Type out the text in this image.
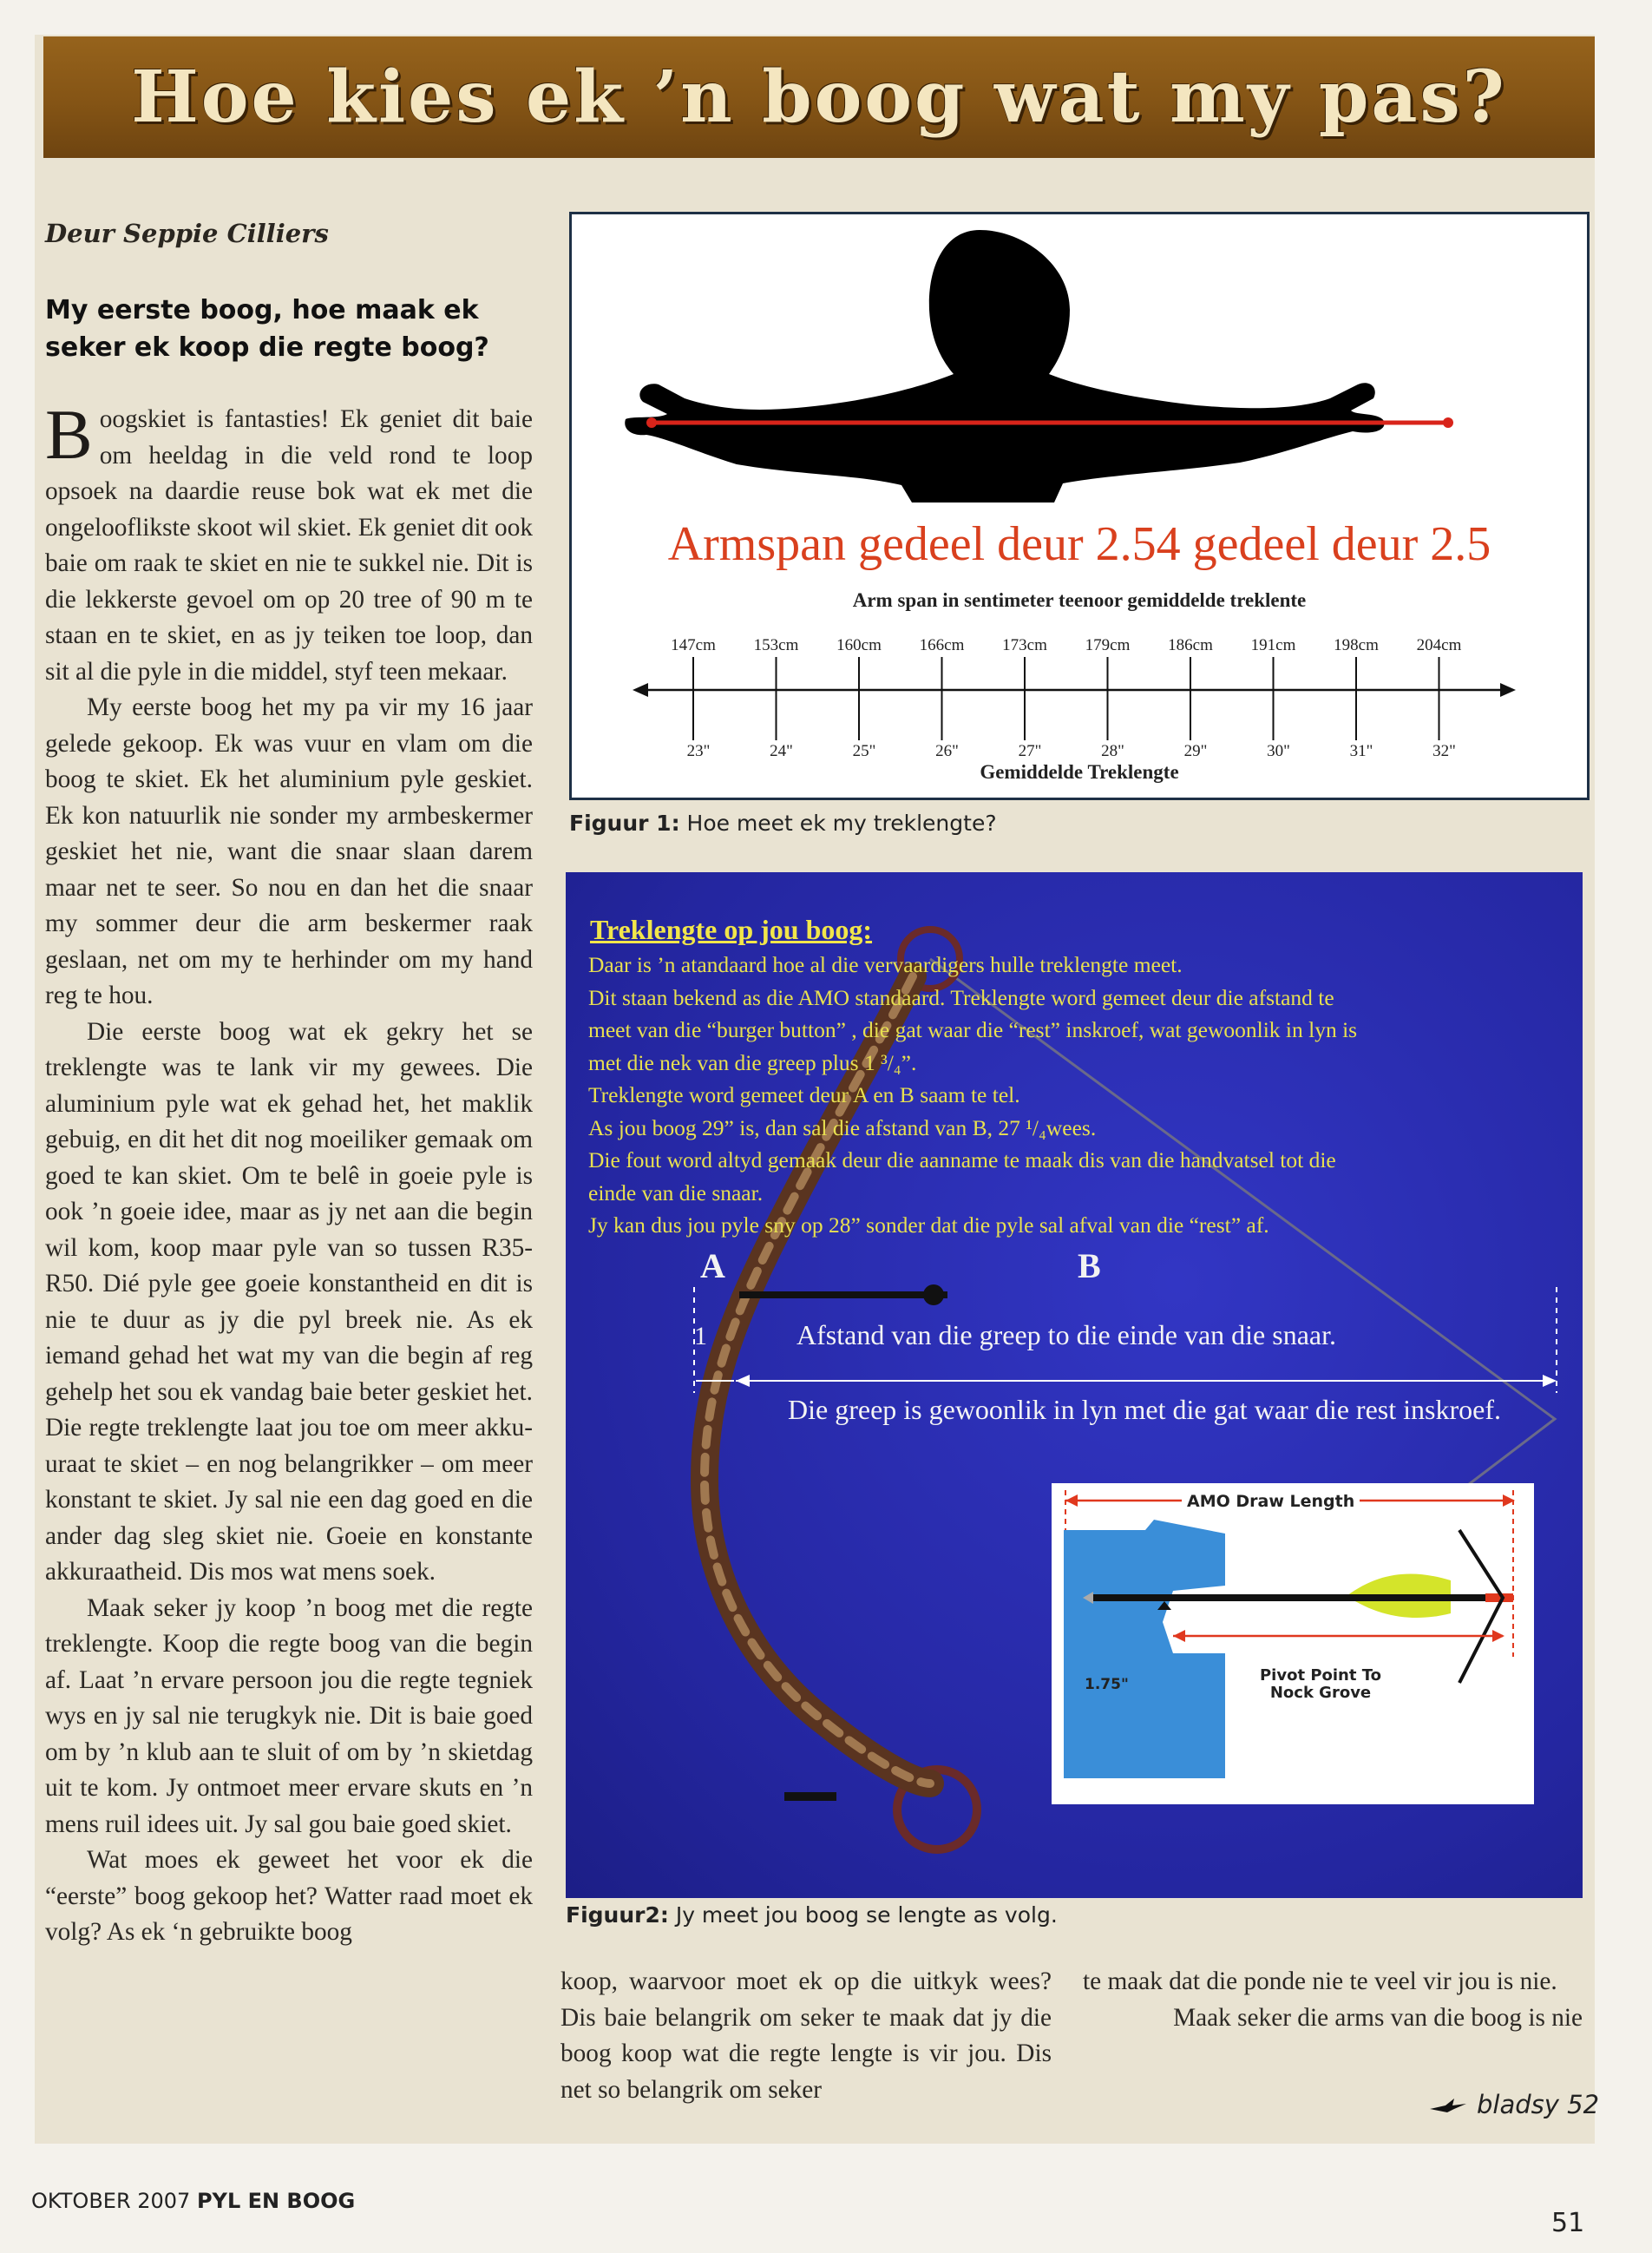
Hoe kies ek ’n boog wat my pas?
Deur Seppie Cilliers
My eerste boog, hoe maak ek seker ek koop die regte boog?

Boogskiet is fantasties! Ek geniet dit baie om heeldag in die veld rond te loop opsoek na daardie reuse bok wat ek met die ongelooflikste skoot wil skiet. Ek geniet dit ook baie om raak te skiet en nie te sukkel nie. Dit is die lekkerste gevoel om op 20 tree of 90 m te staan en te skiet, en as jy teiken toe loop, dan sit al die pyle in die middel, styf teen mekaar.

My eerste boog het my pa vir my 16 jaar gelede gekoop. Ek was vuur en vlam om die boog te skiet. Ek het aluminium pyle geskiet. Ek kon natuurlik nie sonder my armbeskermer geskiet het nie, want die snaar slaan darem maar net te seer. So nou en dan het die snaar my sommer deur die arm beskermer raak geslaan, net om my te herhinder om my hand reg te hou.

Die eerste boog wat ek gekry het se treklengte was te lank vir my gewees. Die aluminium pyle wat ek gehad het, het maklik gebuig, en dit het dit nog moeiliker gemaak om goed te kan skiet. Om te belê in goeie pyle is ook ’n goeie idee, maar as jy net aan die begin wil kom, koop maar pyle van so tussen R35-R50. Dié pyle gee goeie konstantheid en dit is nie te duur as jy die pyl breek nie. As ek iemand gehad het wat my van die begin af reg gehelp het sou ek vandag baie beter geskiet het. Die regte treklengte laat jou toe om meer akku-uraat te skiet – en nog belangrikker – om meer konstant te skiet. Jy sal nie een dag goed en die ander dag sleg skiet nie. Goeie en konstante akkuraatheid. Dis mos wat mens soek.

Maak seker jy koop ’n boog met die regte treklengte. Koop die regte boog van die begin af. Laat ’n ervare persoon jou die regte tegniek wys en jy sal nie terugkyk nie. Dit is baie goed om by ’n klub aan te sluit of om by ’n skietdag uit te kom. Jy ontmoet meer ervare skuts en ’n mens ruil idees uit. Jy sal gou baie goed skiet.

Wat moes ek geweet het voor ek die “eerste” boog gekoop het? Watter raad moet ek volg? As ek ‘n gebruikte boog

Armspan gedeel deur 2.54 gedeel deur 2.5
Arm span in sentimeter teenoor gemiddelde treklente
147cm 153cm 160cm 166cm 173cm 179cm 186cm 191cm 198cm 204cm
23"	24"	25"	26"	27"	28"	29"	30"	31"	32"
Gemiddelde Treklengte
Figuur 1: Hoe meet ek my treklengte?
Treklengte op jou boog:
Daar is ’n atandaard hoe al die vervaardigers hulle treklengte meet.
Dit staan bekend as die AMO standaard. Treklengte word gemeet deur die afstand te
meet van die “burger button” , die gat waar die “rest” inskroef, wat gewoonlik in lyn is
met die nek van die greep plus 1 ³/₄”.
Treklengte word gemeet deur A en B saam te tel.
As jou boog 29” is, dan sal die afstand van B, 27 ¹/₄wees.
Die fout word altyd gemaak deur die aanname te maak dis van die handvatsel tot die
einde van die snaar.
Jy kan dus jou pyle sny op 28” sonder dat die pyle sal afval van die “rest” af.
A	B
1	Afstand van die greep to die einde van die snaar.
Die greep is gewoonlik in lyn met die gat waar die rest inskroef.
AMO Draw Length
1.75"	Pivot Point To Nock Grove
Figuur2: Jy meet jou boog se lengte as volg.

koop, waarvoor moet ek op die uitkyk wees? Dis baie belangrik om seker te maak dat jy die boog koop wat die regte lengte is vir jou. Dis net so belangrik om seker

te maak dat die ponde nie te veel vir jou is nie.

Maak seker die arms van die boog is nie

bladsy 52
OKTOBER 2007 PYL EN BOOG
51
